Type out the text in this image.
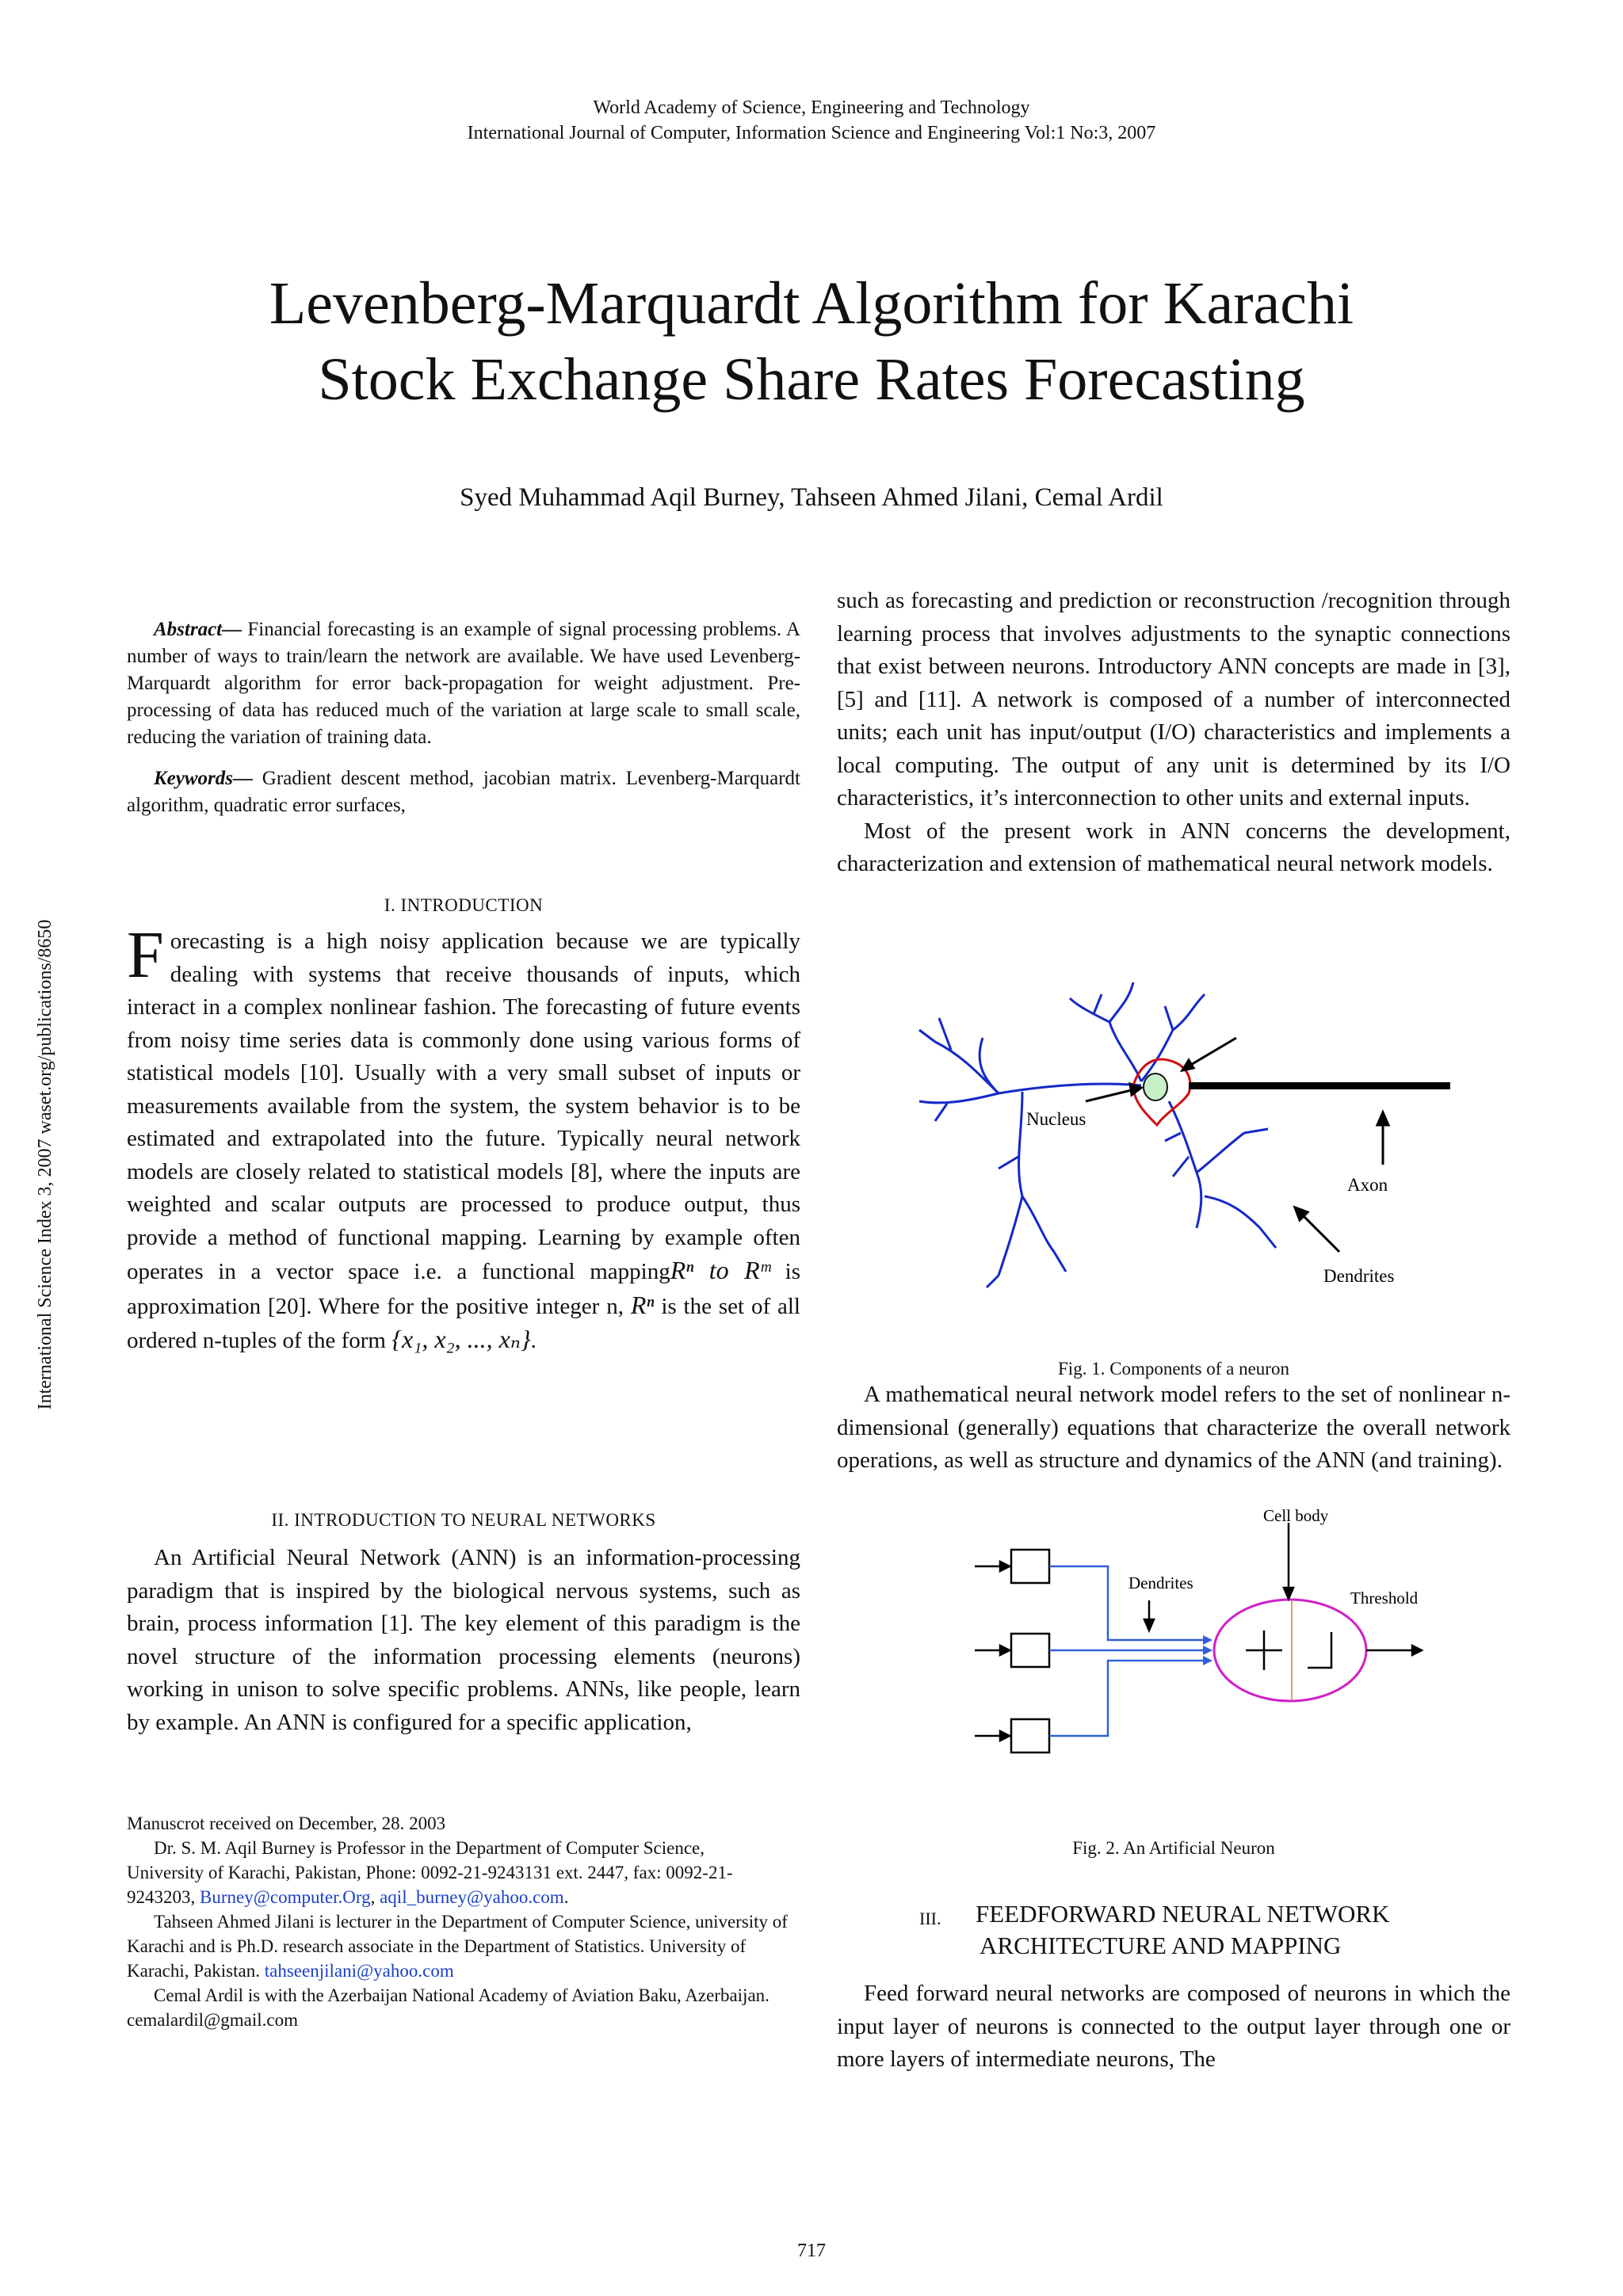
World Academy of Science, Engineering and Technology
International Journal of Computer, Information Science and Engineering Vol:1 No:3, 2007
Levenberg-Marquardt Algorithm for Karachi
Stock Exchange Share Rates Forecasting
Syed Muhammad Aqil Burney, Tahseen Ahmed Jilani, Cemal Ardil
International Science Index 3, 2007 waset.org/publications/8650

Abstract— Financial forecasting is an example of signal processing problems. A number of ways to train/learn the network are available. We have used Levenberg-Marquardt algorithm for error back-propagation for weight adjustment. Pre-processing of data has reduced much of the variation at large scale to small scale, reducing the variation of training data.

Keywords— Gradient descent method, jacobian matrix. Levenberg-Marquardt algorithm, quadratic error surfaces,

I. INTRODUCTION

Forecasting is a high noisy application because we are typically dealing with systems that receive thousands of inputs, which interact in a complex nonlinear fashion. The forecasting of future events from noisy time series data is commonly done using various forms of statistical models [10]. Usually with a very small subset of inputs or measurements available from the system, the system behavior is to be estimated and extrapolated into the future. Typically neural network models are closely related to statistical models [8], where the inputs are weighted and scalar outputs are processed to produce output, thus provide a method of functional mapping. Learning by example often operates in a vector space i.e. a functional mappingRⁿ to Rᵐ is approximation [20]. Where for the positive integer n, Rⁿ is the set of all ordered n-tuples of the form {x₁, x₂, ..., xₙ}.

II. INTRODUCTION TO NEURAL NETWORKS

An Artificial Neural Network (ANN) is an information-processing paradigm that is inspired by the biological nervous systems, such as brain, process information [1]. The key element of this paradigm is the novel structure of the information processing elements (neurons) working in unison to solve specific problems. ANNs, like people, learn by example. An ANN is configured for a specific application,

Manuscrot received on December, 28. 2003

Dr. S. M. Aqil Burney is Professor in the Department of Computer Science,

University of Karachi, Pakistan, Phone: 0092-21-9243131 ext. 2447, fax: 0092-21-9243203, Burney@computer.Org, aqil_burney@yahoo.com.

Tahseen Ahmed Jilani is lecturer in the Department of Computer Science, university of Karachi and is Ph.D. research associate in the Department of Statistics. University of Karachi, Pakistan. tahseenjilani@yahoo.com

Cemal Ardil is with the Azerbaijan National Academy of Aviation Baku, Azerbaijan. cemalardil@gmail.com

such as forecasting and prediction or reconstruction /recognition through learning process that involves adjustments to the synaptic connections that exist between neurons. Introductory ANN concepts are made in [3], [5] and [11]. A network is composed of a number of interconnected units; each unit has input/output (I/O) characteristics and implements a local computing. The output of any unit is determined by its I/O characteristics, it’s interconnection to other units and external inputs.

Most of the present work in ANN concerns the development, characterization and extension of mathematical neural network models.

Nucleus
Axon
Dendrites
Fig. 1. Components of a neuron

A mathematical neural network model refers to the set of nonlinear n-dimensional (generally) equations that characterize the overall network operations, as well as structure and dynamics of the ANN (and training).

Cell body
Dendrites
Threshold
Fig. 2. An Artificial Neuron
III.	FEEDFORWARD NEURAL NETWORK
ARCHITECTURE AND MAPPING

Feed forward neural networks are composed of neurons in which the input layer of neurons is connected to the output layer through one or more layers of intermediate neurons, The

717
